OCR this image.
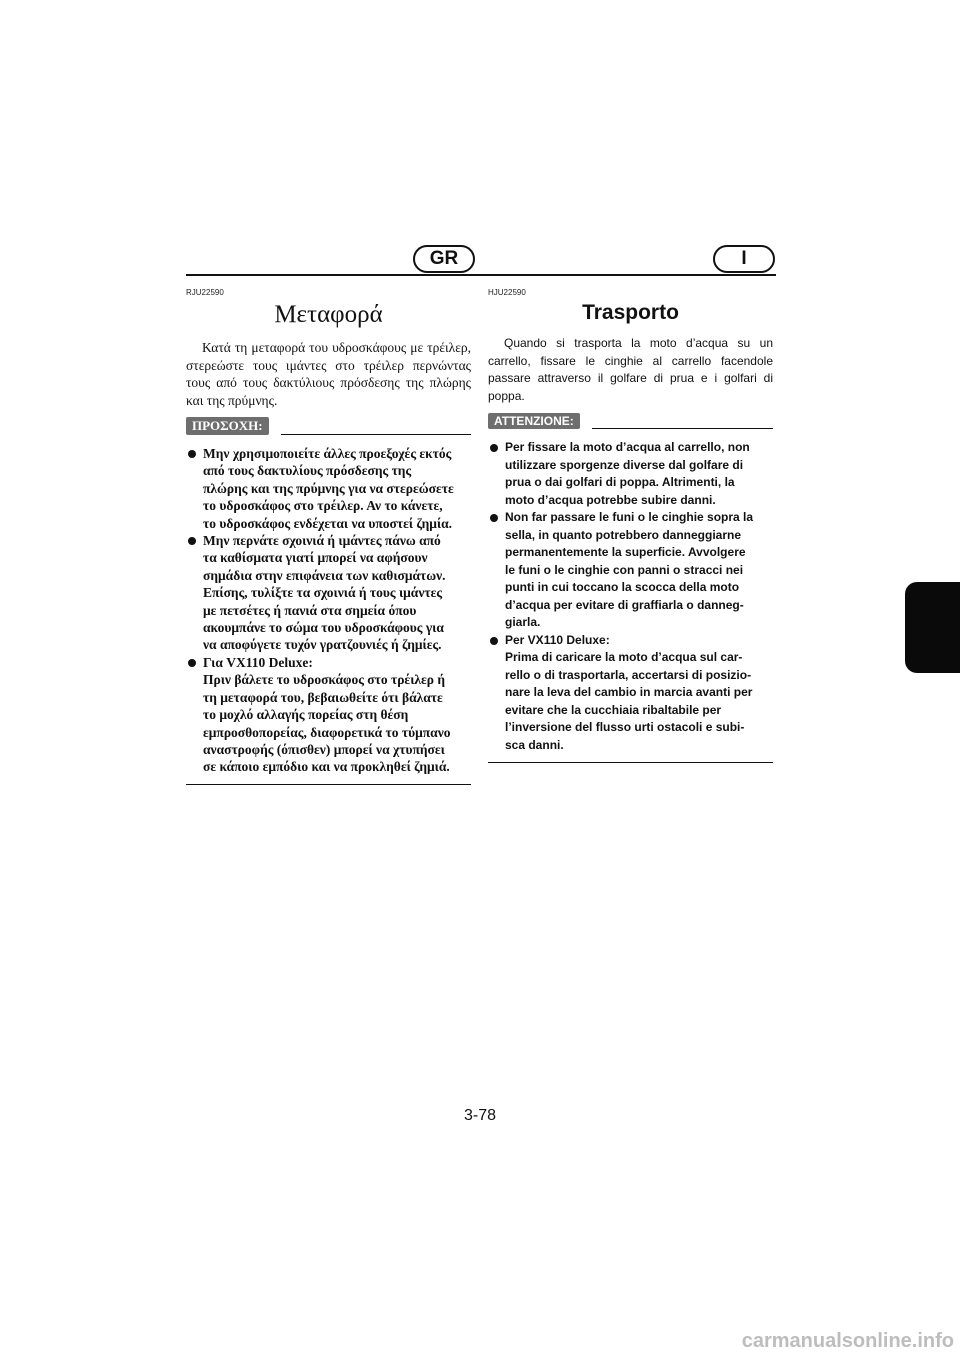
GR	I

RJU22590

Μεταφορά

Κατά τη μεταφορά του υδροσκάφους με τρέιλερ, στερεώστε τους ιμάντες στο τρέιλερ περνώντας τους από τους δακτύλιους πρόσδεσης της πλώρης και της πρύμνης.

ΠΡΟΣΟΧΗ:
Μην χρησιμοποιείτε άλλες προεξοχές εκτός
από τους δακτυλίους πρόσδεσης της
πλώρης και της πρύμνης για να στερεώσετε
το υδροσκάφος στο τρέιλερ. Αν το κάνετε,
το υδροσκάφος ενδέχεται να υποστεί ζημία.
Μην περνάτε σχοινιά ή ιμάντες πάνω από
τα καθίσματα γιατί μπορεί να αφήσουν
σημάδια στην επιφάνεια των καθισμάτων.
Επίσης, τυλίξτε τα σχοινιά ή τους ιμάντες
με πετσέτες ή πανιά στα σημεία όπου
ακουμπάνε το σώμα του υδροσκάφους για
να αποφύγετε τυχόν γρατζουνιές ή ζημίες.
Για VX110 Deluxe:
Πριν βάλετε το υδροσκάφος στο τρέιλερ ή
τη μεταφορά του, βεβαιωθείτε ότι βάλατε
το μοχλό αλλαγής πορείας στη θέση
εμπροσθοπορείας, διαφορετικά το τύμπανο
αναστροφής (όπισθεν) μπορεί να χτυπήσει
σε κάποιο εμπόδιο και να προκληθεί ζημιά.

HJU22590

Trasporto

Quando si trasporta la moto d’acqua su un carrello, fissare le cinghie al carrello facendole passare attraverso il golfare di prua e i golfari di poppa.

ATTENZIONE:
Per fissare la moto d’acqua al carrello, non
utilizzare sporgenze diverse dal golfare di
prua o dai golfari di poppa. Altrimenti, la
moto d’acqua potrebbe subire danni.
Non far passare le funi o le cinghie sopra la
sella, in quanto potrebbero danneggiarne
permanentemente la superficie. Avvolgere
le funi o le cinghie con panni o stracci nei
punti in cui toccano la scocca della moto
d’acqua per evitare di graffiarla o danneg-
giarla.
Per VX110 Deluxe:
Prima di caricare la moto d’acqua sul car-
rello o di trasportarla, accertarsi di posizio-
nare la leva del cambio in marcia avanti per
evitare che la cucchiaia ribaltabile per
l’inversione del flusso urti ostacoli e subi-
sca danni.
3-78
carmanualsonline.info
